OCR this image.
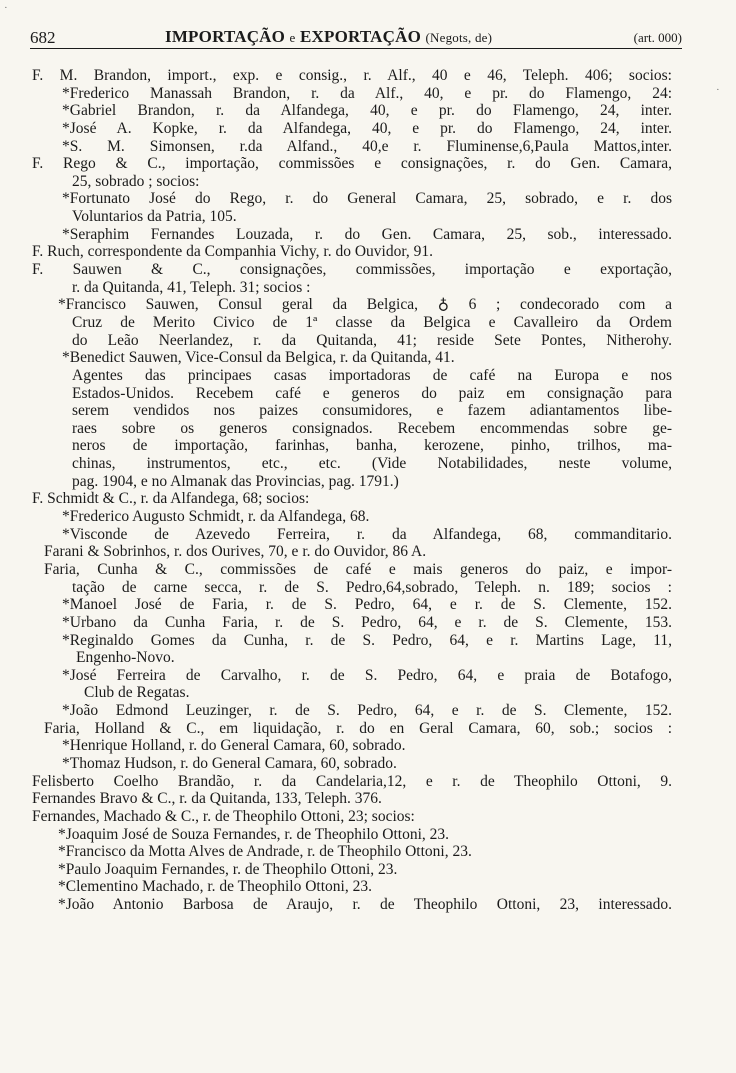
682	IMPORTAÇÃO e EXPORTAÇÃO (Negots, de)	(art. 000)
F. M. Brandon, import., exp. e consig., r. Alf., 40 e 46, Teleph. 406; socios:
*Frederico Manassah Brandon, r. da Alf., 40, e pr. do Flamengo, 24:
*Gabriel Brandon, r. da Alfandega, 40, e pr. do Flamengo, 24, inter.
*José A. Kopke, r. da Alfandega, 40, e pr. do Flamengo, 24, inter.
*S. M. Simonsen, r.da Alfand., 40,e r. Fluminense,6,Paula Mattos,inter.
F. Rego & C., importação, commissões e consignações, r. do Gen. Camara,
25, sobrado ; socios:
*Fortunato José do Rego, r. do General Camara, 25, sobrado, e r. dos
Voluntarios da Patria, 105.
*Seraphim Fernandes Louzada, r. do Gen. Camara, 25, sob., interessado.
F. Ruch, correspondente da Companhia Vichy, r. do Ouvidor, 91.
F. Sauwen & C., consignações, commissões, importação e exportação,
r. da Quitanda, 41, Teleph. 31; socios :
*Francisco Sauwen, Consul geral da Belgica, ♁ 6 ; condecorado com a
Cruz de Merito Civico de 1ª classe da Belgica e Cavalleiro da Ordem
do Leão Neerlandez, r. da Quitanda, 41; reside Sete Pontes, Nitherohy.
*Benedict Sauwen, Vice-Consul da Belgica, r. da Quitanda, 41.
Agentes das principaes casas importadoras de café na Europa e nos
Estados-Unidos. Recebem café e generos do paiz em consignação para
serem vendidos nos paizes consumidores, e fazem adiantamentos libe-
raes sobre os generos consignados. Recebem encommendas sobre ge-
neros de importação, farinhas, banha, kerozene, pinho, trilhos, ma-
chinas, instrumentos, etc., etc. (Vide Notabilidades, neste volume,
pag. 1904, e no Almanak das Provincias, pag. 1791.)
F. Schmidt & C., r. da Alfandega, 68; socios:
*Frederico Augusto Schmidt, r. da Alfandega, 68.
*Visconde de Azevedo Ferreira, r. da Alfandega, 68, commanditario.
Farani & Sobrinhos, r. dos Ourives, 70, e r. do Ouvidor, 86 A.
Faria, Cunha & C., commissões de café e mais generos do paiz, e impor-
tação de carne secca, r. de S. Pedro,64,sobrado, Teleph. n. 189; socios :
*Manoel José de Faria, r. de S. Pedro, 64, e r. de S. Clemente, 152.
*Urbano da Cunha Faria, r. de S. Pedro, 64, e r. de S. Clemente, 153.
*Reginaldo Gomes da Cunha, r. de S. Pedro, 64, e r. Martins Lage, 11,
Engenho-Novo.
*José Ferreira de Carvalho, r. de S. Pedro, 64, e praia de Botafogo,
Club de Regatas.
*João Edmond Leuzinger, r. de S. Pedro, 64, e r. de S. Clemente, 152.
Faria, Holland & C., em liquidação, r. do en Geral Camara, 60, sob.; socios :
*Henrique Holland, r. do General Camara, 60, sobrado.
*Thomaz Hudson, r. do General Camara, 60, sobrado.
Felisberto Coelho Brandão, r. da Candelaria,12, e r. de Theophilo Ottoni, 9.
Fernandes Bravo & C., r. da Quitanda, 133, Teleph. 376.
Fernandes, Machado & C., r. de Theophilo Ottoni, 23; socios:
*Joaquim José de Souza Fernandes, r. de Theophilo Ottoni, 23.
*Francisco da Motta Alves de Andrade, r. de Theophilo Ottoni, 23.
*Paulo Joaquim Fernandes, r. de Theophilo Ottoni, 23.
*Clementino Machado, r. de Theophilo Ottoni, 23.
*João Antonio Barbosa de Araujo, r. de Theophilo Ottoni, 23, interessado.
·
·
